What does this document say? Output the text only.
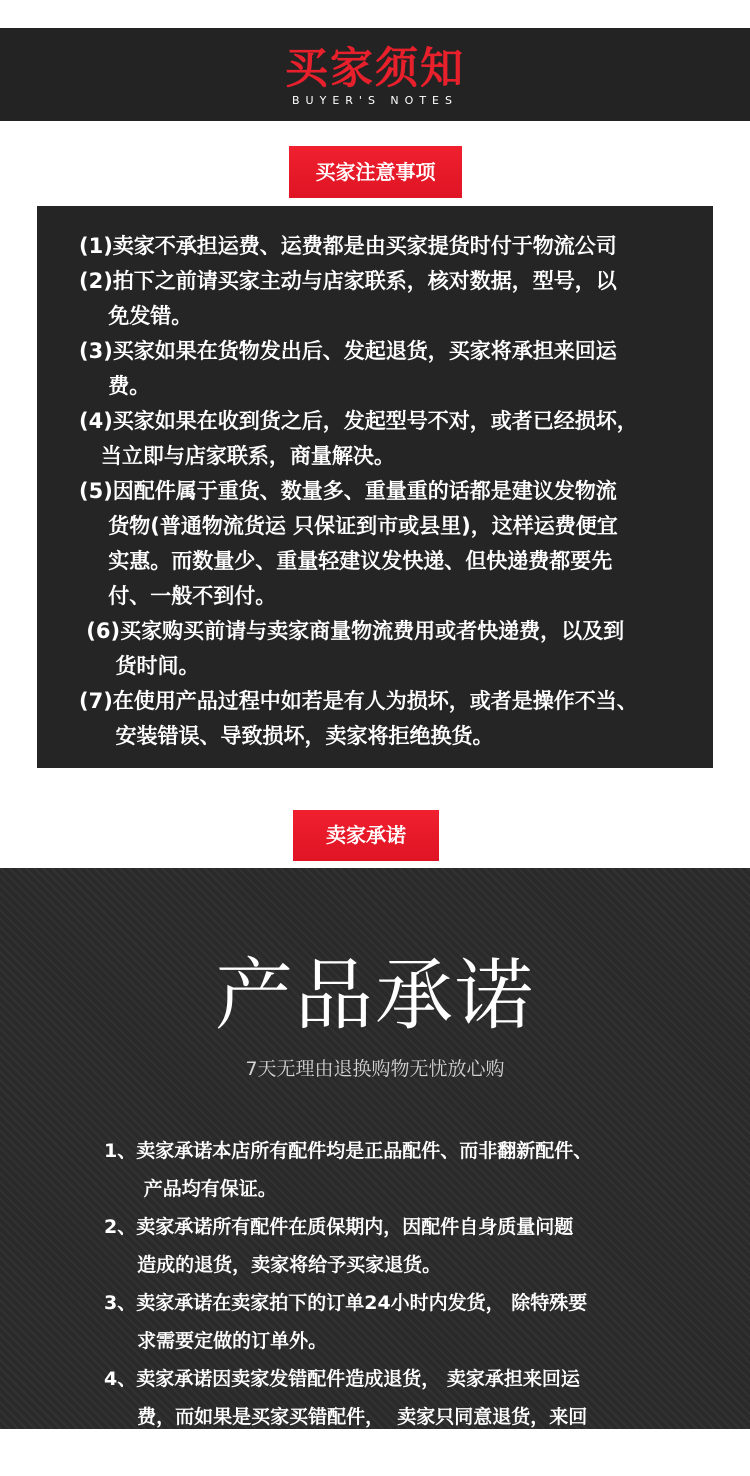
买家须知
BUYER'S NOTES
买家注意事项

(1)卖家不承担运费、运费都是由买家提货时付于物流公司

(2)拍下之前请买家主动与店家联系，核对数据，型号，以

免发错。

(3)买家如果在货物发出后、发起退货，买家将承担来回运

费。

(4)买家如果在收到货之后，发起型号不对，或者已经损坏，

当立即与店家联系，商量解决。

(5)因配件属于重货、数量多、重量重的话都是建议发物流

货物(普通物流货运 只保证到市或县里)，这样运费便宜

实惠。而数量少、重量轻建议发快递、但快递费都要先

付、一般不到付。

(6)买家购买前请与卖家商量物流费用或者快递费，以及到

货时间。

(7)在使用产品过程中如若是有人为损坏，或者是操作不当、

安装错误、导致损坏，卖家将拒绝换货。

卖家承诺
产品承诺
7天无理由退换购物无忧放心购

1、卖家承诺本店所有配件均是正品配件、而非翻新配件、

产品均有保证。

2、卖家承诺所有配件在质保期内，因配件自身质量问题

造成的退货，卖家将给予买家退货。

3、卖家承诺在卖家拍下的订单24小时内发货， 除特殊要

求需要定做的订单外。

4、卖家承诺因卖家发错配件造成退货， 卖家承担来回运

费，而如果是买家买错配件，  卖家只同意退货，来回

运费由买家承担。
